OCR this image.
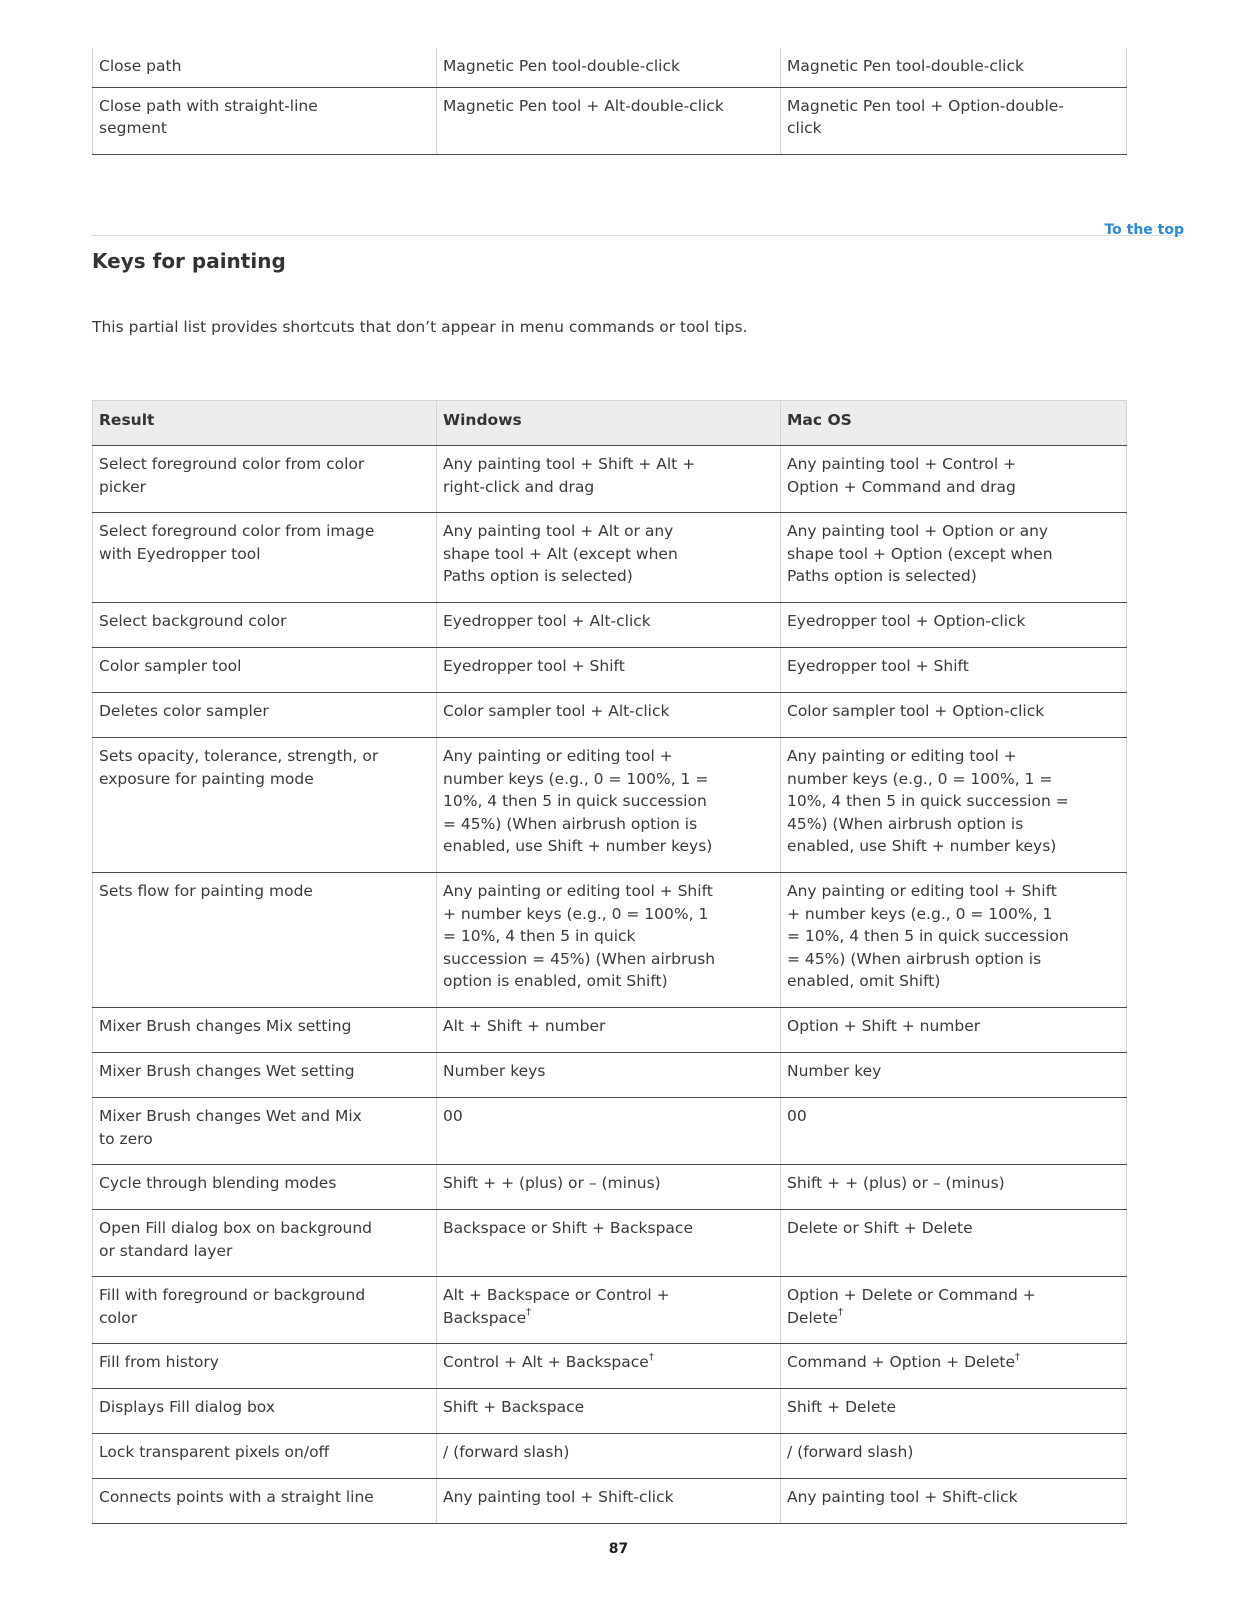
Close path	Magnetic Pen tool-double-click	Magnetic Pen tool-double-click
Close path with straight-line segment	Magnetic Pen tool + Alt-double-click	Magnetic Pen tool + Option-double-click
To the top
Keys for painting

This partial list provides shortcuts that don’t appear in menu commands or tool tips.

Result	Windows	Mac OS
Select foreground color from color picker	Any painting tool + Shift + Alt + right-click and drag	Any painting tool + Control + Option + Command and drag
Select foreground color from image with Eyedropper tool	Any painting tool + Alt or any shape tool + Alt (except when Paths option is selected)	Any painting tool + Option or any shape tool + Option (except when Paths option is selected)
Select background color	Eyedropper tool + Alt-click	Eyedropper tool + Option-click
Color sampler tool	Eyedropper tool + Shift	Eyedropper tool + Shift
Deletes color sampler	Color sampler tool + Alt-click	Color sampler tool + Option-click
Sets opacity, tolerance, strength, or exposure for painting mode	Any painting or editing tool + number keys (e.g., 0 = 100%, 1 = 10%, 4 then 5 in quick succession = 45%) (When airbrush option is enabled, use Shift + number keys)	Any painting or editing tool + number keys (e.g., 0 = 100%, 1 = 10%, 4 then 5 in quick succession = 45%) (When airbrush option is enabled, use Shift + number keys)
Sets flow for painting mode	Any painting or editing tool + Shift + number keys (e.g., 0 = 100%, 1 = 10%, 4 then 5 in quick succession = 45%) (When airbrush option is enabled, omit Shift)	Any painting or editing tool + Shift + number keys (e.g., 0 = 100%, 1 = 10%, 4 then 5 in quick succession = 45%) (When airbrush option is enabled, omit Shift)
Mixer Brush changes Mix setting	Alt + Shift + number	Option + Shift + number
Mixer Brush changes Wet setting	Number keys	Number key
Mixer Brush changes Wet and Mix to zero	00	00
Cycle through blending modes	Shift + + (plus) or – (minus)	Shift + + (plus) or – (minus)
Open Fill dialog box on background or standard layer	Backspace or Shift + Backspace	Delete or Shift + Delete
Fill with foreground or background color	Alt + Backspace or Control + Backspace†	Option + Delete or Command + Delete†
Fill from history	Control + Alt + Backspace†	Command + Option + Delete†
Displays Fill dialog box	Shift + Backspace	Shift + Delete
Lock transparent pixels on/off	/ (forward slash)	/ (forward slash)
Connects points with a straight line	Any painting tool + Shift-click	Any painting tool + Shift-click
87
